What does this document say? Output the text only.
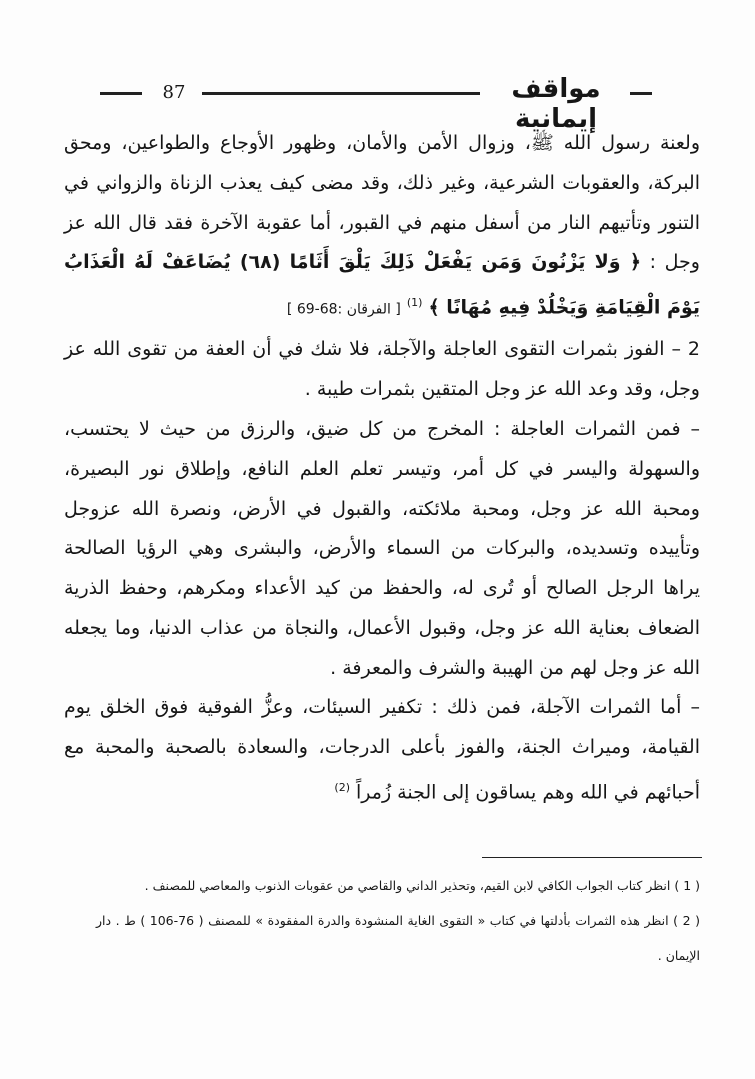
87	مواقف إيمانية

ولعنة رسول الله ﷺ، وزوال الأمن والأمان، وظهور الأوجاع والطواعين، ومحق البركة، والعقوبات الشرعية، وغير ذلك، وقد مضى كيف يعذب الزناة والزواني في التنور وتأتيهم النار من أسفل منهم في القبور، أما عقوبة الآخرة فقد قال الله عز وجل : ﴿ وَلا يَزْنُونَ وَمَن يَفْعَلْ ذَلِكَ يَلْقَ أَثَامًا (٦٨) يُضَاعَفْ لَهُ الْعَذَابُ يَوْمَ الْقِيَامَةِ وَيَخْلُدْ فِيهِ مُهَانًا ﴾ $^{(1)}$ [ الفرقان :68-69 ]

2 – الفوز بثمرات التقوى العاجلة والآجلة، فلا شك في أن العفة من تقوى الله عز وجل، وقد وعد الله عز وجل المتقين بثمرات طيبة .

– فمن الثمرات العاجلة : المخرج من كل ضيق، والرزق من حيث لا يحتسب، والسهولة واليسر في كل أمر، وتيسر تعلم العلم النافع، وإطلاق نور البصيرة، ومحبة الله عز وجل، ومحبة ملائكته، والقبول في الأرض، ونصرة الله عزوجل وتأييده وتسديده، والبركات من السماء والأرض، والبشرى وهي الرؤيا الصالحة يراها الرجل الصالح أو تُرى له، والحفظ من كيد الأعداء ومكرهم، وحفظ الذرية الضعاف بعناية الله عز وجل، وقبول الأعمال، والنجاة من عذاب الدنيا، وما يجعله الله عز وجل لهم من الهيبة والشرف والمعرفة .

– أما الثمرات الآجلة، فمن ذلك : تكفير السيئات، وعزُّ الفوقية فوق الخلق يوم القيامة، وميراث الجنة، والفوز بأعلى الدرجات، والسعادة بالصحبة والمحبة مع أحبائهم في الله وهم يساقون إلى الجنة زُمراً $^{(2)}$

( 1 ) انظر كتاب الجواب الكافي لابن القيم، وتحذير الداني والقاصي من عقوبات الذنوب والمعاصي للمصنف .

( 2 ) انظر هذه الثمرات بأدلتها في كتاب « التقوى الغاية المنشودة والدرة المفقودة » للمصنف ( 76-106 ) ط . دار الإيمان .
